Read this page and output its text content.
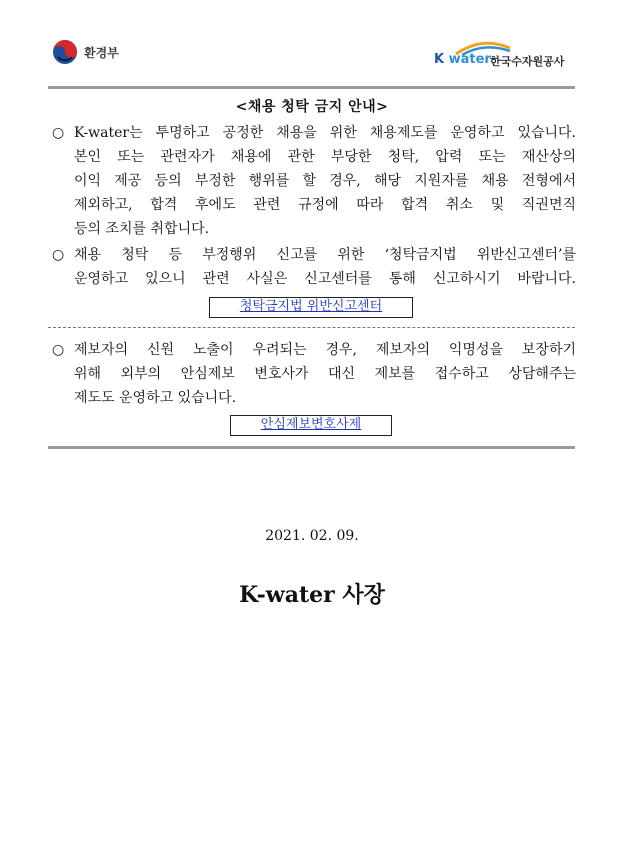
환경부	K water 한국수자원공사
<채용 청탁 금지 안내>
○ K-water는 투명하고 공정한 채용을 위한 채용제도를 운영하고 있습니다.
본인 또는 관련자가 채용에 관한 부당한 청탁, 압력 또는 재산상의
이익 제공 등의 부정한 행위를 할 경우, 해당 지원자를 채용 전형에서
제외하고, 합격 후에도 관련 규정에 따라 합격 취소 및 직권면직
등의 조치를 취합니다.
○ 채용 청탁 등 부정행위 신고를 위한 ‘청탁금지법 위반신고센터’를
운영하고 있으니 관련 사실은 신고센터를 통해 신고하시기 바랍니다.
청탁금지법 위반신고센터
○ 제보자의 신원 노출이 우려되는 경우, 제보자의 익명성을 보장하기
위해 외부의 안심제보 변호사가 대신 제보를 접수하고 상담해주는
제도도 운영하고 있습니다.
안심제보변호사제
2021. 02. 09.
K-water 사장
